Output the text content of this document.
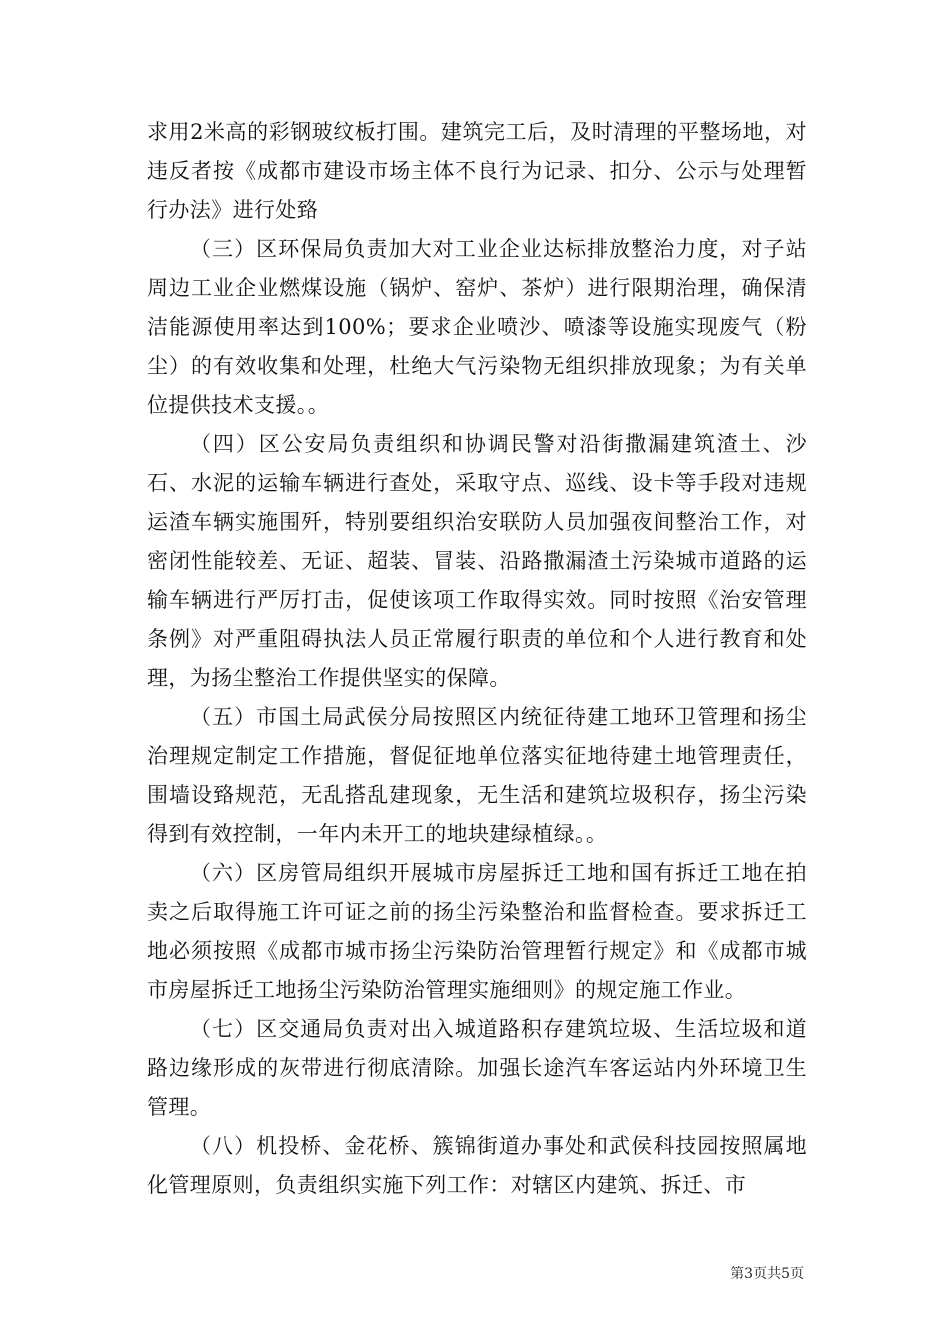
求用2米高的彩钢玻纹板打围。建筑完工后，及时清理的平整场地，对违反者按《成都市建设市场主体不良行为记录、扣分、公示与处理暂行办法》进行处臵

（三）区环保局负责加大对工业企业达标排放整治力度，对子站周边工业企业燃煤设施（锅炉、窑炉、茶炉）进行限期治理，确保清洁能源使用率达到100%；要求企业喷沙、喷漆等设施实现废气（粉尘）的有效收集和处理，杜绝大气污染物无组织排放现象；为有关单位提供技术支援。。

（四）区公安局负责组织和协调民警对沿街撒漏建筑渣土、沙石、水泥的运输车辆进行查处，采取守点、巡线、设卡等手段对违规运渣车辆实施围歼，特别要组织治安联防人员加强夜间整治工作，对密闭性能较差、无证、超装、冒装、沿路撒漏渣土污染城市道路的运输车辆进行严厉打击，促使该项工作取得实效。同时按照《治安管理条例》对严重阻碍执法人员正常履行职责的单位和个人进行教育和处理，为扬尘整治工作提供坚实的保障。

（五）市国土局武侯分局按照区内统征待建工地环卫管理和扬尘治理规定制定工作措施，督促征地单位落实征地待建土地管理责任，围墙设臵规范，无乱搭乱建现象，无生活和建筑垃圾积存，扬尘污染得到有效控制，一年内未开工的地块建绿植绿。。

（六）区房管局组织开展城市房屋拆迁工地和国有拆迁工地在拍卖之后取得施工许可证之前的扬尘污染整治和监督检查。要求拆迁工地必须按照《成都市城市扬尘污染防治管理暂行规定》和《成都市城市房屋拆迁工地扬尘污染防治管理实施细则》的规定施工作业。

（七）区交通局负责对出入城道路积存建筑垃圾、生活垃圾和道路边缘形成的灰带进行彻底清除。加强长途汽车客运站内外环境卫生管理。

（八）机投桥、金花桥、簇锦街道办事处和武侯科技园按照属地化管理原则，负责组织实施下列工作：对辖区内建筑、拆迁、市

第3页共5页
